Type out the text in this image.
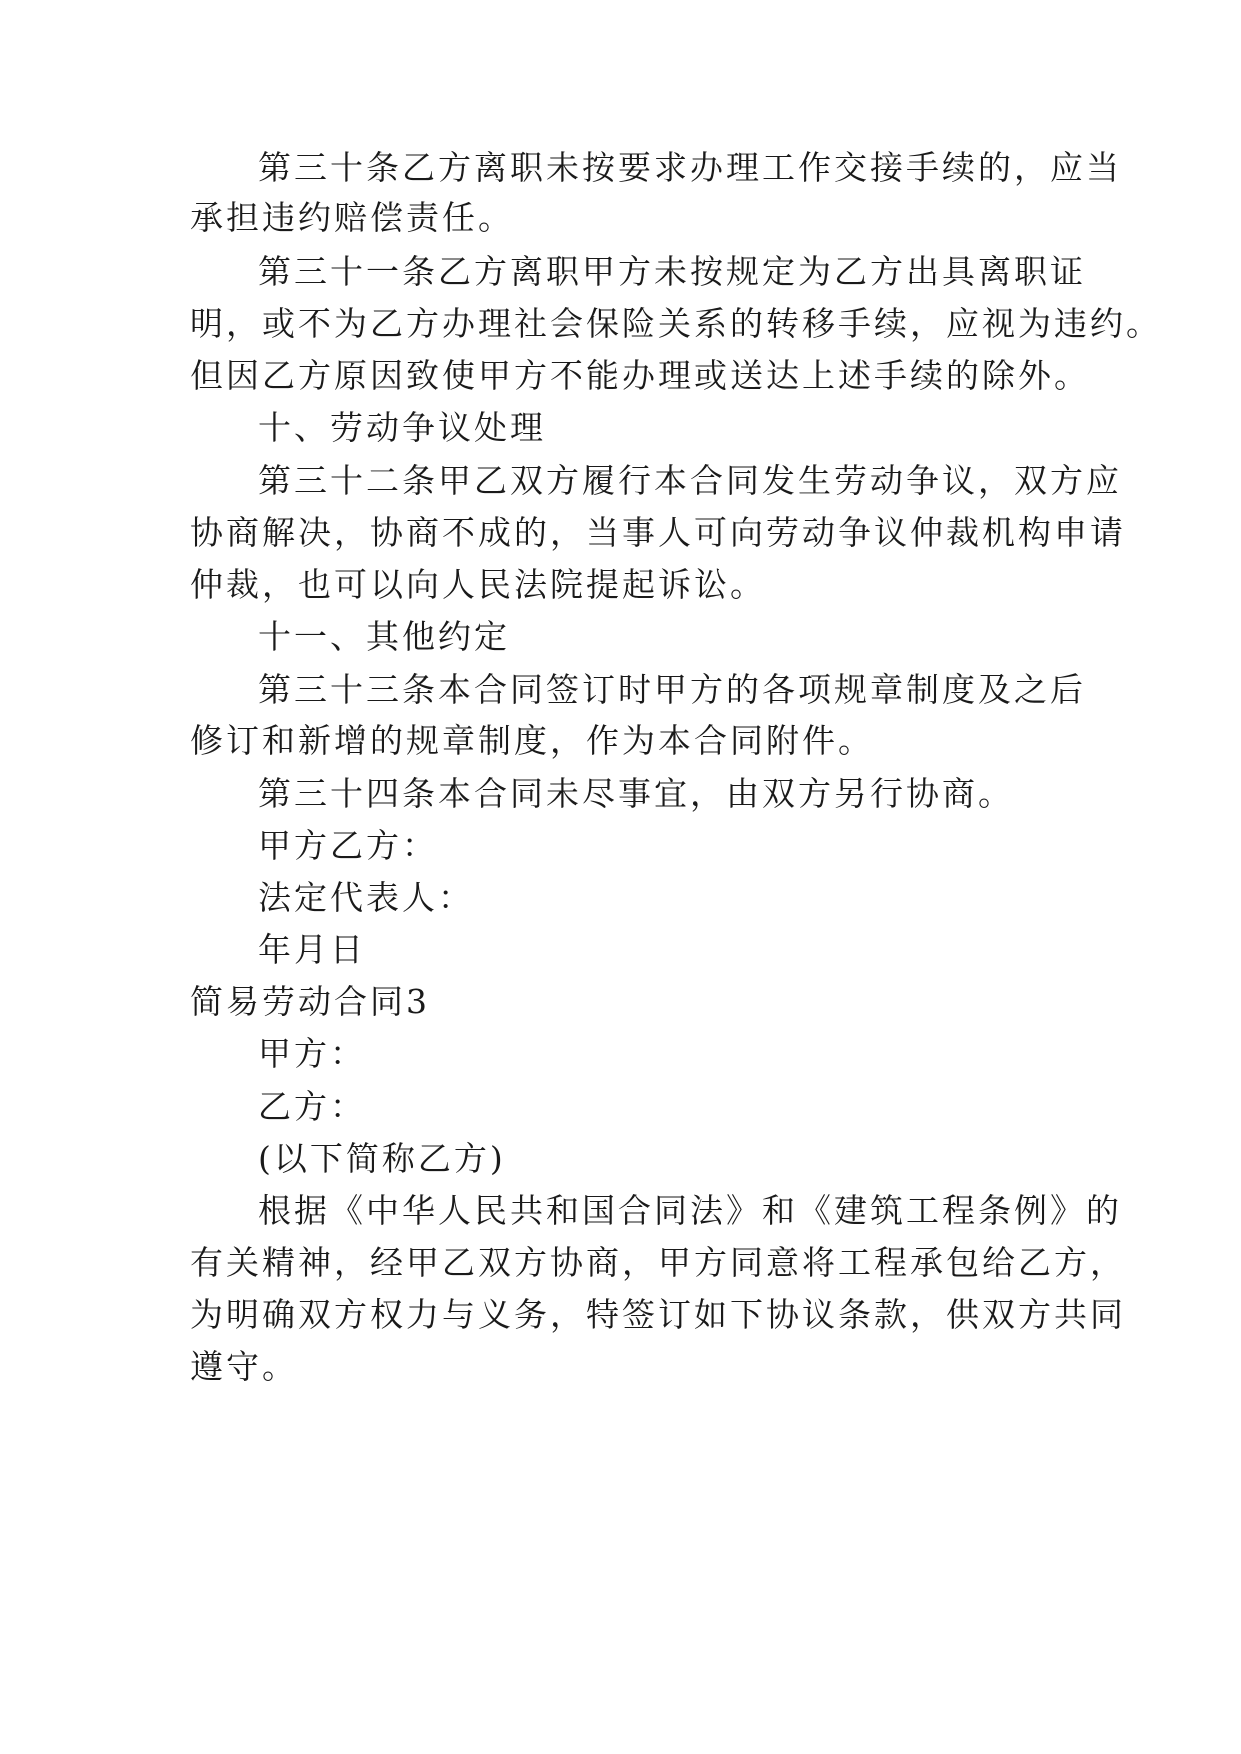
第三十条乙方离职未按要求办理工作交接手续的，应当
承担违约赔偿责任。
第三十一条乙方离职甲方未按规定为乙方出具离职证
明，或不为乙方办理社会保险关系的转移手续，应视为违约。
但因乙方原因致使甲方不能办理或送达上述手续的除外。
十、劳动争议处理
第三十二条甲乙双方履行本合同发生劳动争议，双方应
协商解决，协商不成的，当事人可向劳动争议仲裁机构申请
仲裁，也可以向人民法院提起诉讼。
十一、其他约定
第三十三条本合同签订时甲方的各项规章制度及之后
修订和新增的规章制度，作为本合同附件。
第三十四条本合同未尽事宜，由双方另行协商。
甲方乙方：
法定代表人：
年月日
简易劳动合同3
甲方：
乙方：
(以下简称乙方)
根据《中华人民共和国合同法》和《建筑工程条例》的
有关精神，经甲乙双方协商，甲方同意将工程承包给乙方，
为明确双方权力与义务，特签订如下协议条款，供双方共同
遵守。
